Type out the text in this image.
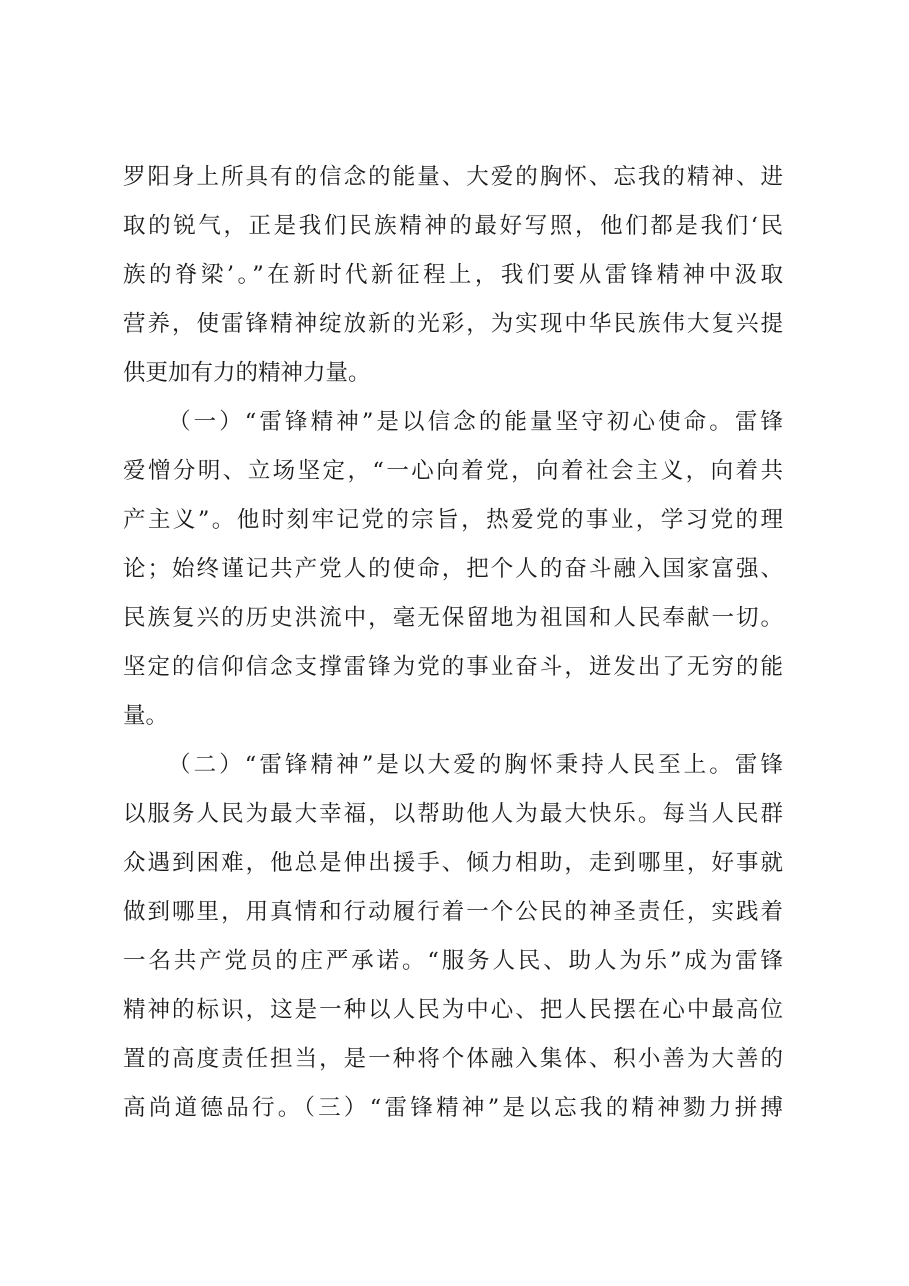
罗阳身上所具有的信念的能量、大爱的胸怀、忘我的精神、进
取的锐气，正是我们民族精神的最好写照，他们都是我们‘民
族的脊梁’。”在新时代新征程上，我们要从雷锋精神中汲取
营养，使雷锋精神绽放新的光彩，为实现中华民族伟大复兴提
供更加有力的精神力量。
（一）“雷锋精神”是以信念的能量坚守初心使命。雷锋
爱憎分明、立场坚定，“一心向着党，向着社会主义，向着共
产主义”。他时刻牢记党的宗旨，热爱党的事业，学习党的理
论；始终谨记共产党人的使命，把个人的奋斗融入国家富强、
民族复兴的历史洪流中，毫无保留地为祖国和人民奉献一切。
坚定的信仰信念支撑雷锋为党的事业奋斗，迸发出了无穷的能
量。
（二）“雷锋精神”是以大爱的胸怀秉持人民至上。雷锋
以服务人民为最大幸福，以帮助他人为最大快乐。每当人民群
众遇到困难，他总是伸出援手、倾力相助，走到哪里，好事就
做到哪里，用真情和行动履行着一个公民的神圣责任，实践着
一名共产党员的庄严承诺。“服务人民、助人为乐”成为雷锋
精神的标识，这是一种以人民为中心、把人民摆在心中最高位
置的高度责任担当，是一种将个体融入集体、积小善为大善的
高尚道德品行。（三）“雷锋精神”是以忘我的精神勠力拼搏
